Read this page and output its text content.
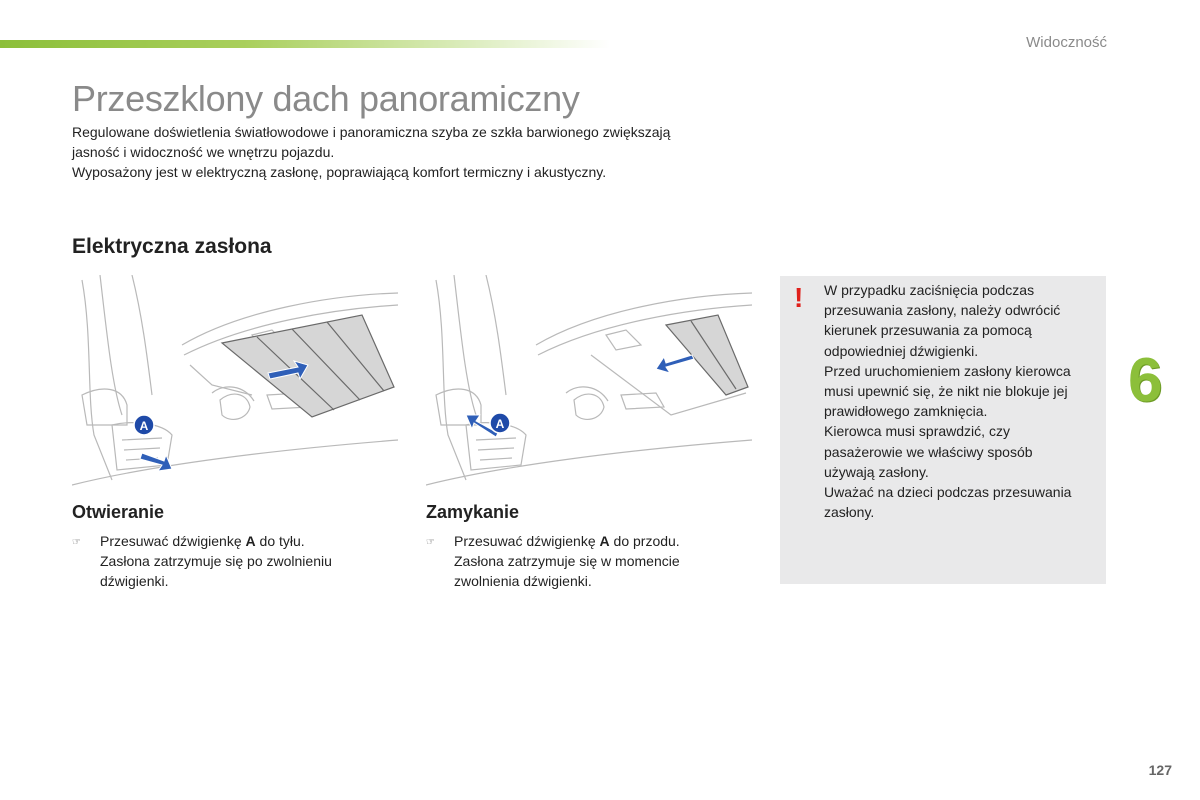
Widoczność
Przeszklony dach panoramiczny

Regulowane doświetlenia światłowodowe i panoramiczna szyba ze szkła barwionego zwiększają

jasność i widoczność we wnętrzu pojazdu.

Wyposażony jest w elektryczną zasłonę, poprawiającą komfort termiczny i akustyczny.

Elektryczna zasłona
A	A
Otwieranie
☞ Przesuwać dźwigienkę A do tyłu.

Zasłona zatrzymuje się po zwolnieniu

dźwigienki.

Zamykanie
☞ Przesuwać dźwigienkę A do przodu.

Zasłona zatrzymuje się w momencie

zwolnienia dźwigienki.

! W przypadku zaciśnięcia podczas

przesuwania zasłony, należy odwrócić

kierunek przesuwania za pomocą

odpowiedniej dźwigienki.

Przed uruchomieniem zasłony kierowca

musi upewnić się, że nikt nie blokuje jej

prawidłowego zamknięcia.

Kierowca musi sprawdzić, czy

pasażerowie we właściwy sposób

używają zasłony.

Uważać na dzieci podczas przesuwania

zasłony.

6
127
